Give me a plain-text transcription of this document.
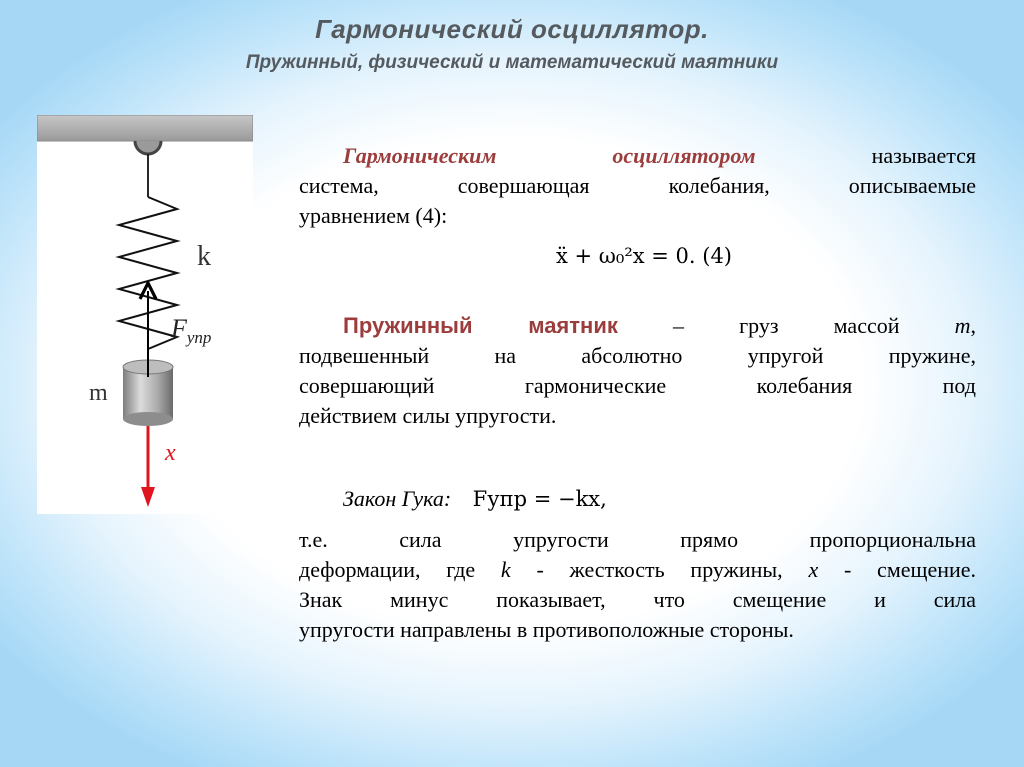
Гармонический осциллятор.
Пружинный, физический и математический маятники
k
$F_{упр}$
m
x
Гармоническим	осциллятором	называется
система, совершающая колебания, описываемые
уравнением (4):
ẍ + ω₀²x = 0. (4)
Пружинный маятник	– груз массой	m,
подвешенный на абсолютно упругой пружине,
совершающий гармонические колебания под
действием силы упругости.
Закон Гука: Fупр = −kx,
т.е. сила упругости прямо пропорциональна
деформации, где k - жесткость пружины, x - смещение.
Знак минус показывает, что смещение и сила
упругости направлены в противоположные стороны.
